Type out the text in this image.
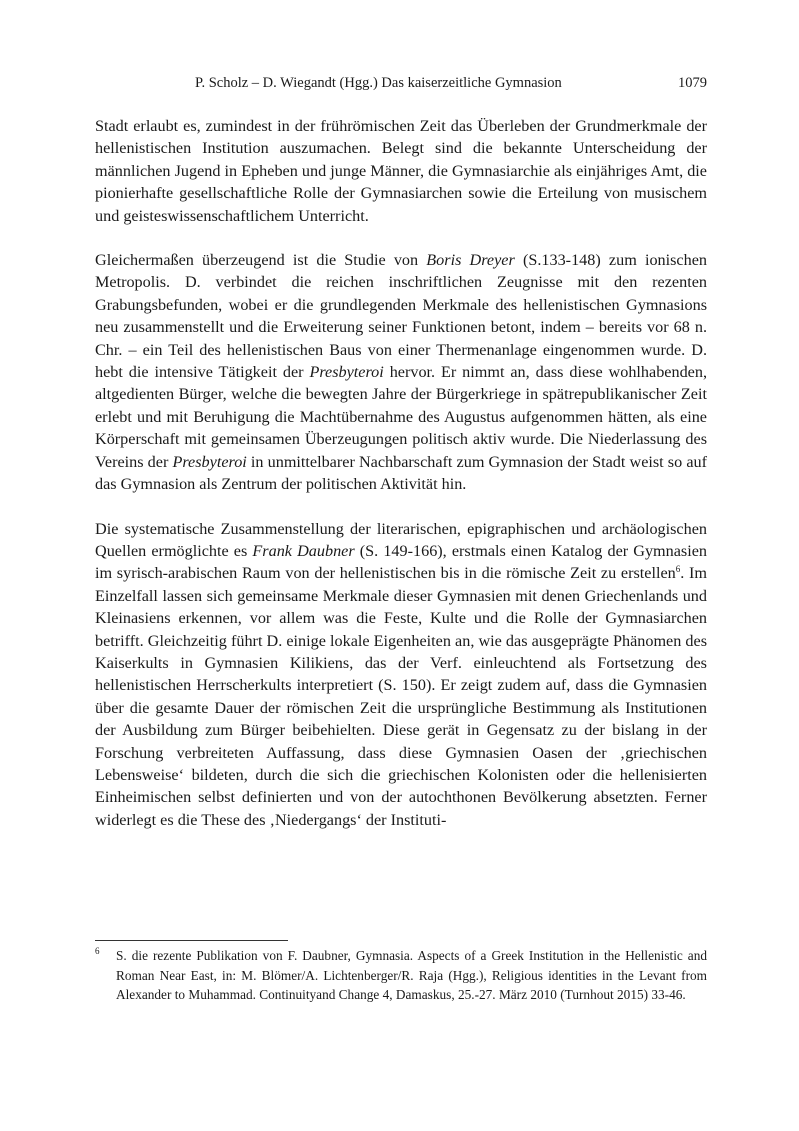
P. Scholz – D. Wiegandt (Hgg.) Das kaiserzeitliche Gymnasion	1079

Stadt erlaubt es, zumindest in der frührömischen Zeit das Überleben der Grundmerkmale der hellenistischen Institution auszumachen. Belegt sind die bekannte Unterscheidung der männlichen Jugend in Epheben und junge Männer, die Gymnasiarchie als einjähriges Amt, die pionierhafte gesellschaftliche Rolle der Gymnasiarchen sowie die Erteilung von musischem und geisteswissenschaftlichem Unterricht.

Gleichermaßen überzeugend ist die Studie von Boris Dreyer (S.133-148) zum ionischen Metropolis. D. verbindet die reichen inschriftlichen Zeugnisse mit den rezenten Grabungsbefunden, wobei er die grundlegenden Merkmale des hellenistischen Gymnasions neu zusammenstellt und die Erweiterung seiner Funktionen betont, indem – bereits vor 68 n. Chr. – ein Teil des hellenistischen Baus von einer Thermenanlage eingenommen wurde. D. hebt die intensive Tätigkeit der Presbyteroi hervor. Er nimmt an, dass diese wohlhabenden, altgedienten Bürger, welche die bewegten Jahre der Bürgerkriege in spätrepublikanischer Zeit erlebt und mit Beruhigung die Machtübernahme des Augustus aufgenommen hätten, als eine Körperschaft mit gemeinsamen Überzeugungen politisch aktiv wurde. Die Niederlassung des Vereins der Presbyteroi in unmittelbarer Nachbarschaft zum Gymnasion der Stadt weist so auf das Gymnasion als Zentrum der politischen Aktivität hin.

Die systematische Zusammenstellung der literarischen, epigraphischen und archäologischen Quellen ermöglichte es Frank Daubner (S. 149-166), erstmals einen Katalog der Gymnasien im syrisch-arabischen Raum von der hellenistischen bis in die römische Zeit zu erstellen$^6$. Im Einzelfall lassen sich gemeinsame Merkmale dieser Gymnasien mit denen Griechenlands und Kleinasiens erkennen, vor allem was die Feste, Kulte und die Rolle der Gymnasiarchen betrifft. Gleichzeitig führt D. einige lokale Eigenheiten an, wie das ausgeprägte Phänomen des Kaiserkults in Gymnasien Kilikiens, das der Verf. einleuchtend als Fortsetzung des hellenistischen Herrscherkults interpretiert (S. 150). Er zeigt zudem auf, dass die Gymnasien über die gesamte Dauer der römischen Zeit die ursprüngliche Bestimmung als Institutionen der Ausbildung zum Bürger beibehielten. Diese gerät in Gegensatz zu der bislang in der Forschung verbreiteten Auffassung, dass diese Gymnasien Oasen der ‚griechischen Lebensweise‘ bildeten, durch die sich die griechischen Kolonisten oder die hellenisierten Einheimischen selbst definierten und von der autochthonen Bevölkerung absetzten. Ferner widerlegt es die These des ‚Niedergangs‘ der Instituti-

6 S. die rezente Publikation von F. Daubner, Gymnasia. Aspects of a Greek Institution in the Hellenistic and Roman Near East, in: M. Blömer/A. Lichtenberger/R. Raja (Hgg.), Religious identities in the Levant from Alexander to Muhammad. Continuityand Change 4, Damaskus, 25.-27. März 2010 (Turnhout 2015) 33-46.
